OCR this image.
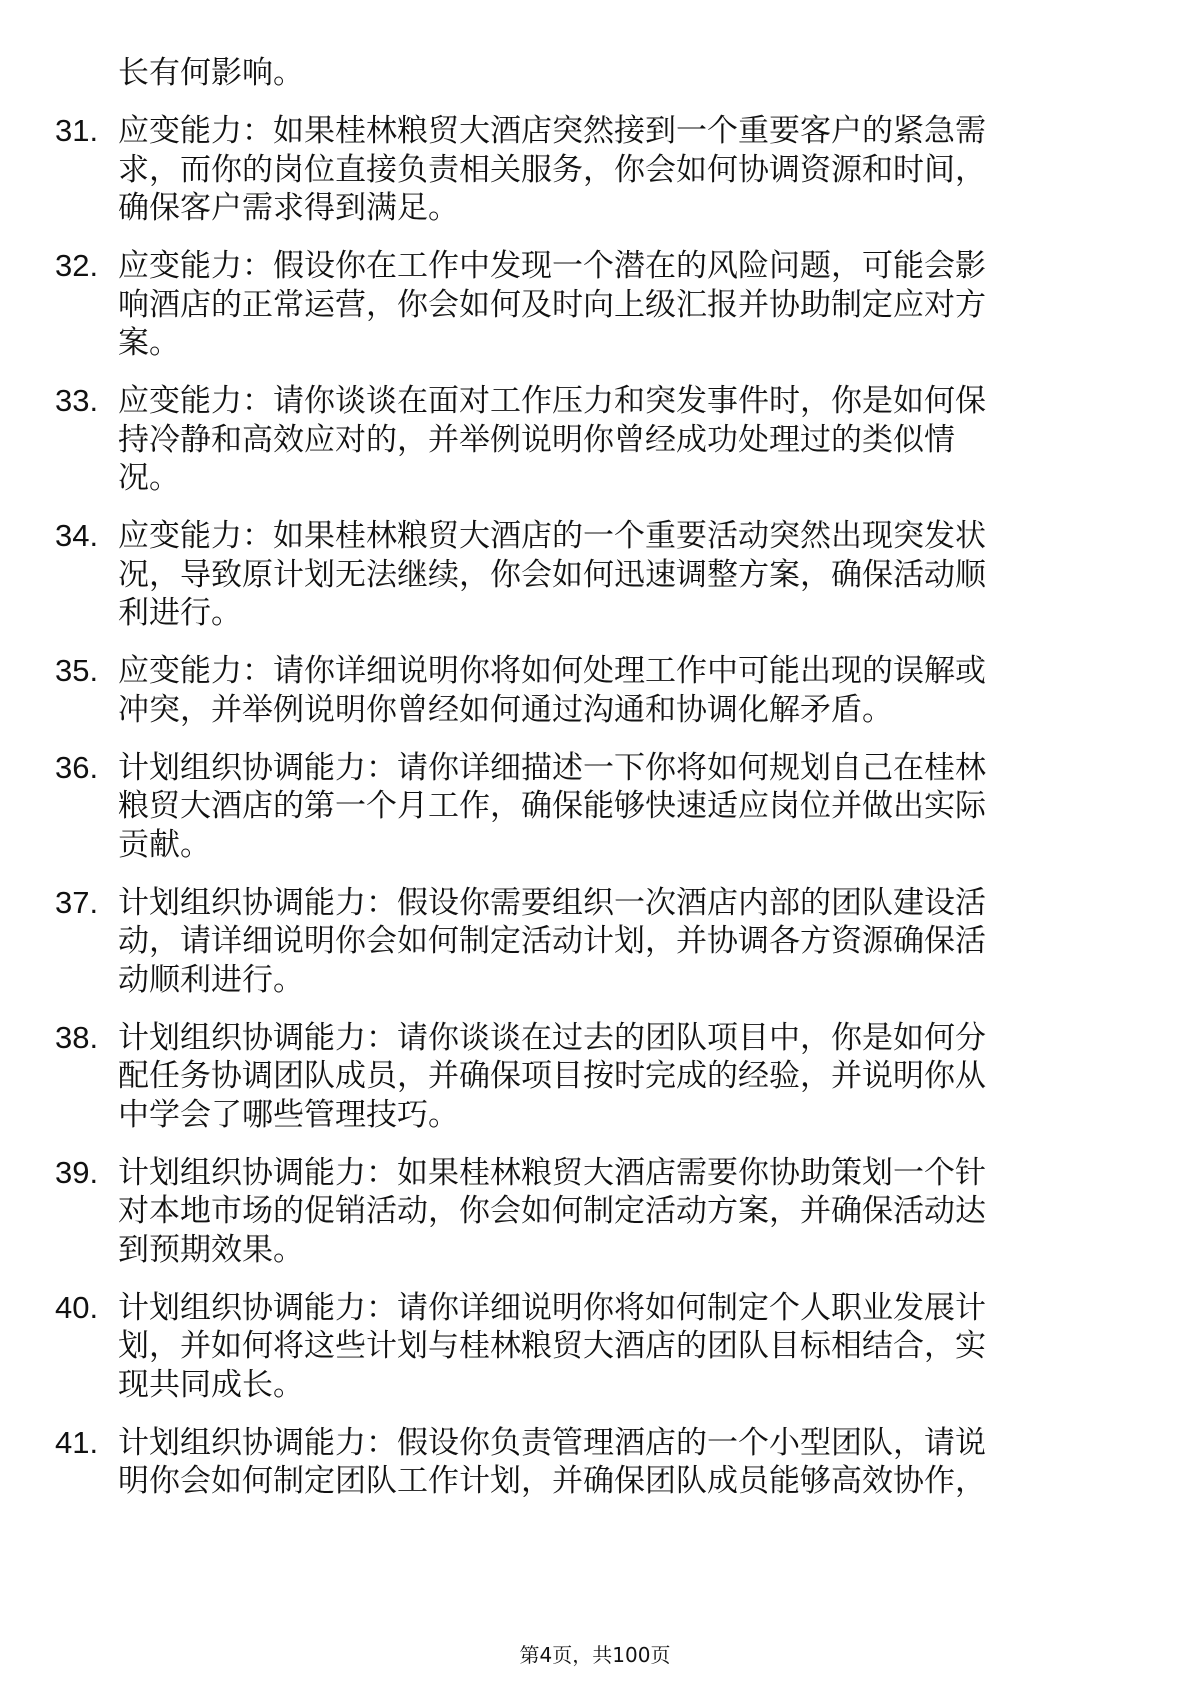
长有何影响。
31. 应变能力：如果桂林粮贸大酒店突然接到一个重要客户的紧急需
求，而你的岗位直接负责相关服务，你会如何协调资源和时间，
确保客户需求得到满足。
32. 应变能力：假设你在工作中发现一个潜在的风险问题，可能会影
响酒店的正常运营，你会如何及时向上级汇报并协助制定应对方
案。
33. 应变能力：请你谈谈在面对工作压力和突发事件时，你是如何保
持冷静和高效应对的，并举例说明你曾经成功处理过的类似情
况。
34. 应变能力：如果桂林粮贸大酒店的一个重要活动突然出现突发状
况，导致原计划无法继续，你会如何迅速调整方案，确保活动顺
利进行。
35. 应变能力：请你详细说明你将如何处理工作中可能出现的误解或
冲突，并举例说明你曾经如何通过沟通和协调化解矛盾。
36. 计划组织协调能力：请你详细描述一下你将如何规划自己在桂林
粮贸大酒店的第一个月工作，确保能够快速适应岗位并做出实际
贡献。
37. 计划组织协调能力：假设你需要组织一次酒店内部的团队建设活
动，请详细说明你会如何制定活动计划，并协调各方资源确保活
动顺利进行。
38. 计划组织协调能力：请你谈谈在过去的团队项目中，你是如何分
配任务协调团队成员，并确保项目按时完成的经验，并说明你从
中学会了哪些管理技巧。
39. 计划组织协调能力：如果桂林粮贸大酒店需要你协助策划一个针
对本地市场的促销活动，你会如何制定活动方案，并确保活动达
到预期效果。
40. 计划组织协调能力：请你详细说明你将如何制定个人职业发展计
划，并如何将这些计划与桂林粮贸大酒店的团队目标相结合，实
现共同成长。
41. 计划组织协调能力：假设你负责管理酒店的一个小型团队，请说
明你会如何制定团队工作计划，并确保团队成员能够高效协作，
第4页，共100页
